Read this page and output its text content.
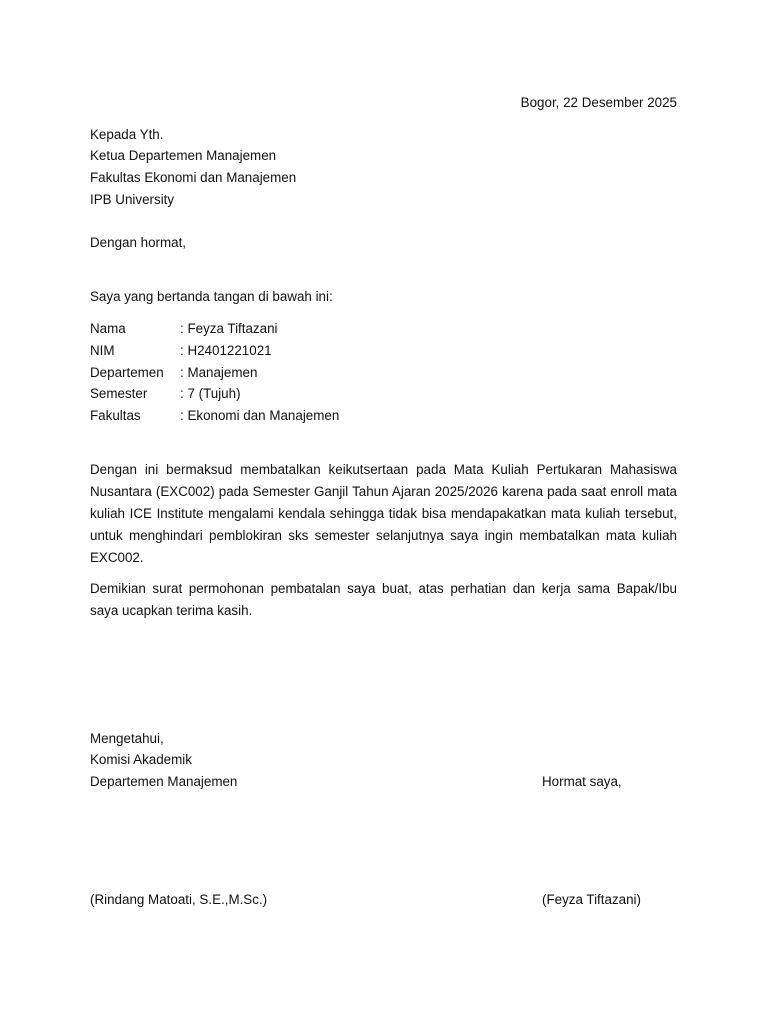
Bogor, 22 Desember 2025
Kepada Yth.
Ketua Departemen Manajemen
Fakultas Ekonomi dan Manajemen
IPB University
Dengan hormat,
Saya yang bertanda tangan di bawah ini:
Nama	: Feyza Tiftazani
NIM	: H2401221021
Departemen : Manajemen
Semester : 7 (Tujuh)
Fakultas	: Ekonomi dan Manajemen
Dengan ini bermaksud membatalkan keikutsertaan pada Mata Kuliah Pertukaran Mahasiswa Nusantara (EXC002) pada Semester Ganjil Tahun Ajaran 2025/2026 karena pada saat enroll mata kuliah ICE Institute mengalami kendala sehingga tidak bisa mendapakatkan mata kuliah tersebut, untuk menghindari pemblokiran sks semester selanjutnya saya ingin membatalkan mata kuliah EXC002.
Demikian surat permohonan pembatalan saya buat, atas perhatian dan kerja sama Bapak/Ibu saya ucapkan terima kasih.
Mengetahui,
Komisi Akademik
Departemen Manajemen
(Rindang Matoati, S.E.,M.Sc.)
Hormat saya,
(Feyza Tiftazani)
